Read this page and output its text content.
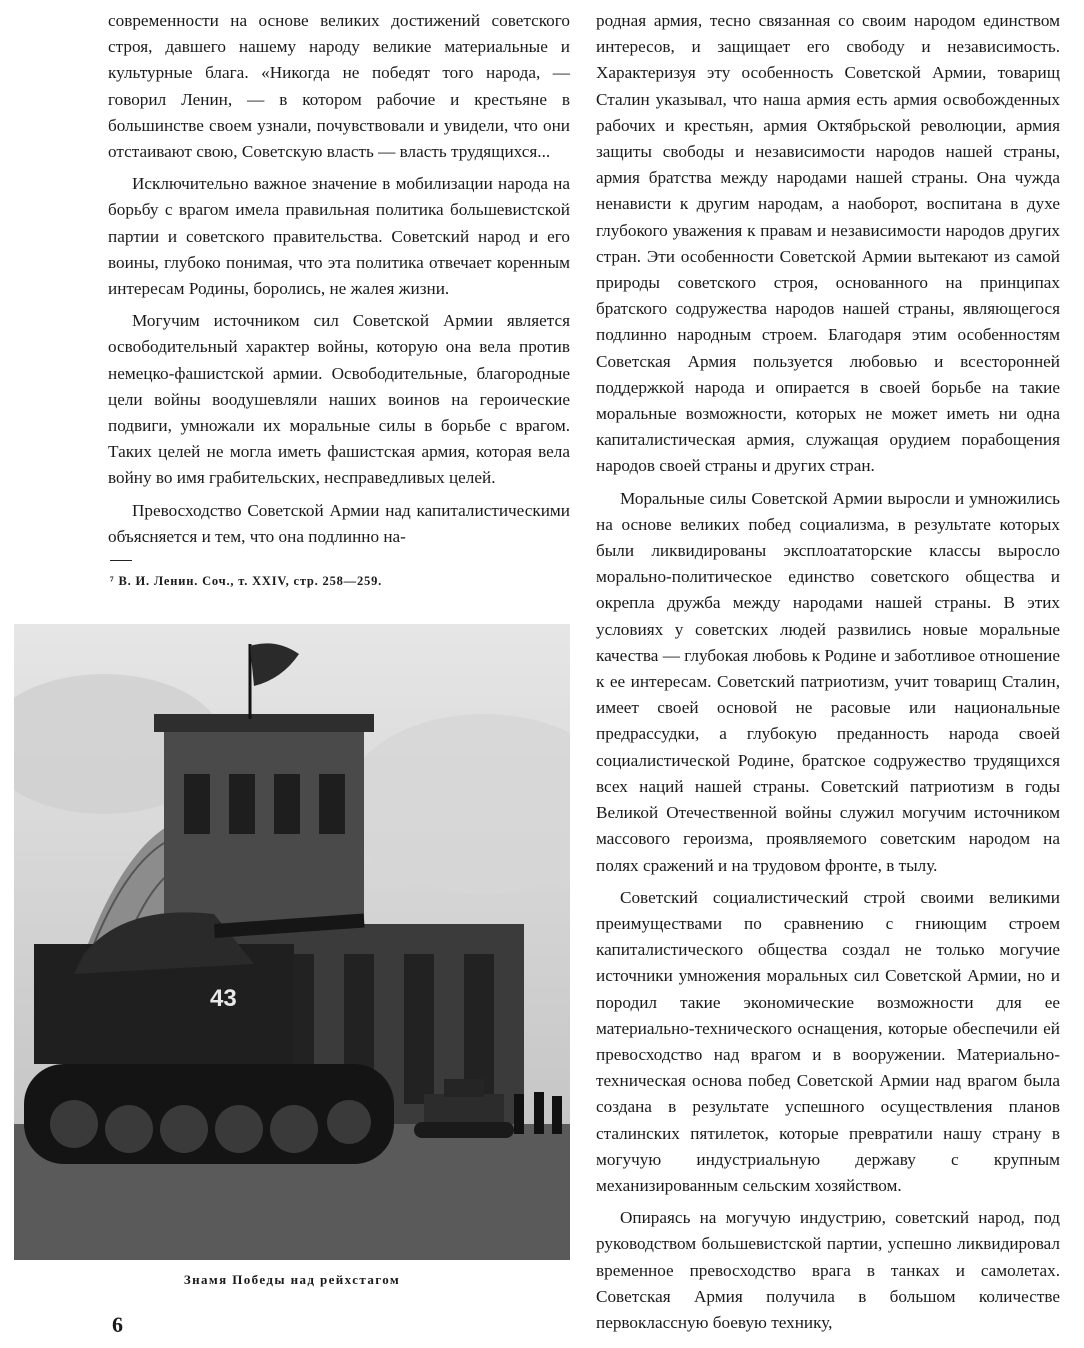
современности на основе великих достижений советского строя, давшего нашему народу великие материальные и культурные блага. «Никогда не победят того народа, — говорил Ленин, — в котором рабочие и крестьяне в большинстве своем узнали, почувствовали и увидели, что они отстаивают свою, Советскую власть — власть трудящихся...

Исключительно важное значение в мобилизации народа на борьбу с врагом имела правильная политика большевистской партии и советского правительства. Советский народ и его воины, глубоко понимая, что эта политика отвечает коренным интересам Родины, боролись, не жалея жизни.

Могучим источником сил Советской Армии является освободительный характер войны, которую она вела против немецко-фашистской армии. Освободительные, благородные цели войны воодушевляли наших воинов на героические подвиги, умножали их моральные силы в борьбе с врагом. Таких целей не могла иметь фашистская армия, которая вела войну во имя грабительских, несправедливых целей.

Превосходство Советской Армии над капиталистическими объясняется и тем, что она подлинно на-

⁷ В. И. Ленин. Соч., т. XXIV, стр. 258—259.
43
Знамя Победы над рейхстагом
6

родная армия, тесно связанная со своим народом единством интересов, и защищает его свободу и независимость. Характеризуя эту особенность Советской Армии, товарищ Сталин указывал, что наша армия есть армия освобожденных рабочих и крестьян, армия Октябрьской революции, армия защиты свободы и независимости народов нашей страны, армия братства между народами нашей страны. Она чужда ненависти к другим народам, а наоборот, воспитана в духе глубокого уважения к правам и независимости народов других стран. Эти особенности Советской Армии вытекают из самой природы советского строя, основанного на принципах братского содружества народов нашей страны, являющегося подлинно народным строем. Благодаря этим особенностям Советская Армия пользуется любовью и всесторонней поддержкой народа и опирается в своей борьбе на такие моральные возможности, которых не может иметь ни одна капиталистическая армия, служащая орудием порабощения народов своей страны и других стран.

Моральные силы Советской Армии выросли и умножились на основе великих побед социализма, в результате которых были ликвидированы эксплоататорские классы выросло морально-политическое единство советского общества и окрепла дружба между народами нашей страны. В этих условиях у советских людей развились новые моральные качества — глубокая любовь к Родине и заботливое отношение к ее интересам. Советский патриотизм, учит товарищ Сталин, имеет своей основой не расовые или национальные предрассудки, а глубокую преданность народа своей социалистической Родине, братское содружество трудящихся всех наций нашей страны. Советский патриотизм в годы Великой Отечественной войны служил могучим источником массового героизма, проявляемого советским народом на полях сражений и на трудовом фронте, в тылу.

Советский социалистический строй своими великими преимуществами по сравнению с гниющим строем капиталистического общества создал не только могучие источники умножения моральных сил Советской Армии, но и породил такие экономические возможности для ее материально-технического оснащения, которые обеспечили ей превосходство над врагом и в вооружении. Материально-техническая основа побед Советской Армии над врагом была создана в результате успешного осуществления планов сталинских пятилеток, которые превратили нашу страну в могучую индустриальную державу с крупным механизированным сельским хозяйством.

Опираясь на могучую индустрию, советский народ, под руководством большевистской партии, успешно ликвидировал временное превосходство врага в танках и самолетах. Советская Армия получила в большом количестве первоклассную боевую технику,
